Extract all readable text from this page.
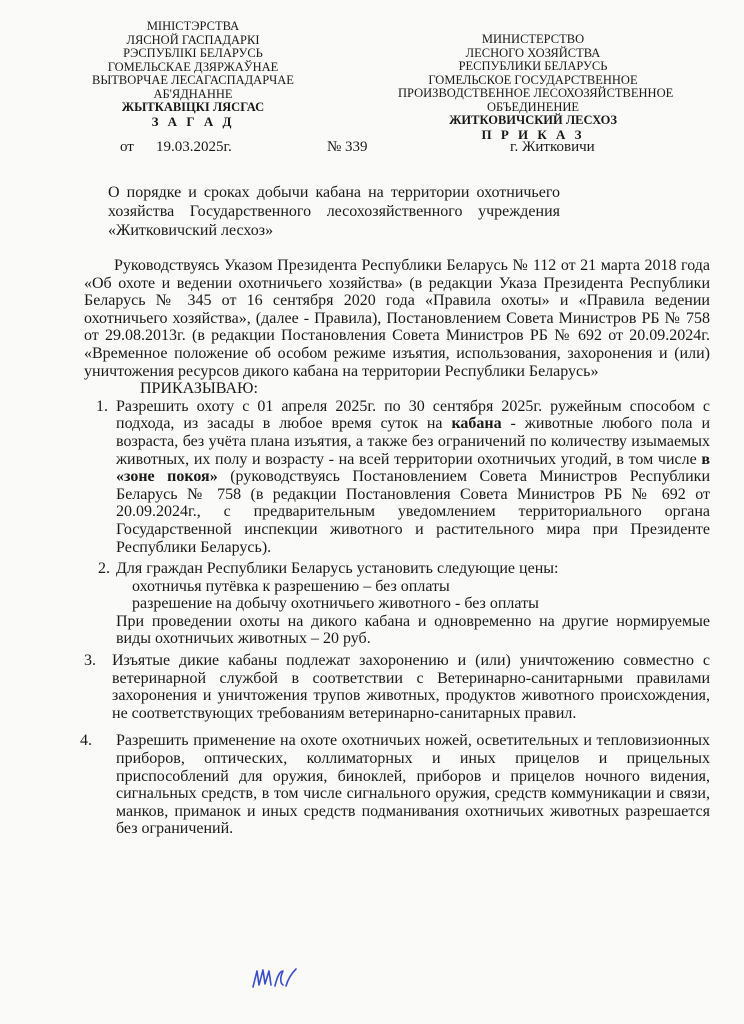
МІНІСТЭРСТВА
ЛЯСНОЙ ГАСПАДАРКІ
РЭСПУБЛІКІ БЕЛАРУСЬ
ГОМЕЛЬСКАЕ ДЗЯРЖАЎНАЕ
ВЫТВОРЧАЕ ЛЕСАГАСПАДАРЧАЕ
АБ'ЯДНАННЕ
ЖЫТКАВІЦКІ ЛЯСГАС
З А Г А Д
МИНИСТЕРСТВО
ЛЕСНОГО ХОЗЯЙСТВА
РЕСПУБЛИКИ БЕЛАРУСЬ
ГОМЕЛЬСКОЕ ГОСУДАРСТВЕННОЕ
ПРОИЗВОДСТВЕННОЕ ЛЕСОХОЗЯЙСТВЕННОЕ
ОБЪЕДИНЕНИЕ
ЖИТКОВИЧСКИЙ ЛЕСХОЗ
П Р И К А З
от 19.03.2025г.	№ 339	г. Житковичи
О порядке и сроках добычи кабана на территории охотничьего хозяйства Государственного лесохозяйственного учреждения «Житковичский лесхоз»

Руководствуясь Указом Президента Республики Беларусь № 112 от 21 марта 2018 года «Об охоте и ведении охотничьего хозяйства» (в редакции Указа Президента Республики Беларусь № 345 от 16 сентября 2020 года «Правила охоты» и «Правила ведении охотничьего хозяйства», (далее - Правила), Постановлением Совета Министров РБ № 758 от 29.08.2013г. (в редакции Постановления Совета Министров РБ № 692 от 20.09.2024г. «Временное положение об особом режиме изъятия, использования, захоронения и (или) уничтожения ресурсов дикого кабана на территории Республики Беларусь»

ПРИКАЗЫВАЮ:

1. Разрешить охоту с 01 апреля 2025г. по 30 сентября 2025г. ружейным способом с подхода, из засады в любое время суток на кабана - животные любого пола и возраста, без учёта плана изъятия, а также без ограничений по количеству изымаемых животных, их полу и возрасту - на всей территории охотничьих угодий, в том числе в «зоне покоя» (руководствуясь Постановлением Совета Министров Республики Беларусь № 758 (в редакции Постановления Совета Министров РБ № 692 от 20.09.2024г., с предварительным уведомлением территориального органа Государственной инспекции животного и растительного мира при Президенте Республики Беларусь).

2. Для граждан Республики Беларусь установить следующие цены:

охотничья путёвка к разрешению – без оплаты

разрешение на добычу охотничьего животного - без оплаты

При проведении охоты на дикого кабана и одновременно на другие нормируемые виды охотничьих животных – 20 руб.

3. Изъятые дикие кабаны подлежат захоронению и (или) уничтожению совместно с ветеринарной службой в соответствии с Ветеринарно-санитарными правилами захоронения и уничтожения трупов животных, продуктов животного происхождения, не соответствующих требованиям ветеринарно-санитарных правил.

4. Разрешить применение на охоте охотничьих ножей, осветительных и тепловизионных приборов, оптических, коллиматорных и иных прицелов и прицельных приспособлений для оружия, биноклей, приборов и прицелов ночного видения, сигнальных средств, в том числе сигнального оружия, средств коммуникации и связи, манков, приманок и иных средств подманивания охотничьих животных разрешается без ограничений.
